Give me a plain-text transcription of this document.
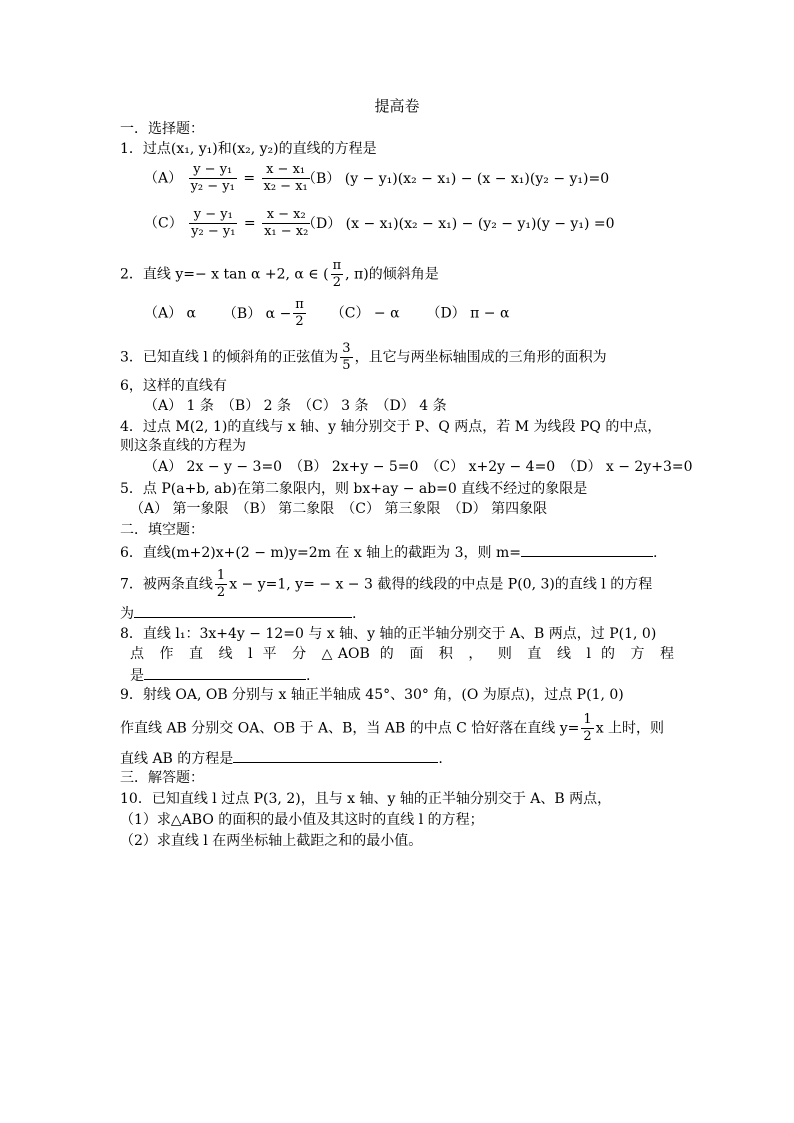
提高卷
一．选择题：
1．过点(x₁, y₁)和(x₂, y₂)的直线的方程是
$(A) \frac{\text{y − y₁}}{\text{y₂ − y₁}} = \frac{\text{x − x₁}}{\text{x₂ − x₁}}$
（B） (y − y₁)(x₂ − x₁) − (x − x₁)(y₂ − y₁)=0
$(C) \frac{\text{y − y₁}}{\text{y₂ − y₁}} = \frac{\text{x − x₂}}{\text{x₁ − x₂}}$
（D） (x − x₁)(x₂ − x₁) − (y₂ − y₁)(y − y₁) =0
2．直线 y=− x tan α +2, α ∈ ( $\frac{\pi}{2}$ , π)的倾斜角是
（A） α （B） $\alpha - \frac{\pi}{2} (C) - \alpha$ （D） π − α
3．已知直线 l 的倾斜角的正弦值为 $\frac{3}{5}$ ，且它与两坐标轴围成的三角形的面积为
6，这样的直线有
（A） 1 条　（B） 2 条　（C） 3 条　（D） 4 条
4．过点 M(2, 1)的直线与 x 轴、y 轴分别交于 P、Q 两点，若 M 为线段 PQ 的中点，
则这条直线的方程为
（A） 2x − y − 3=0　（B） 2x+y − 5=0　（C） x+2y − 4=0　（D） x − 2y+3=0
5．点 P(a+b, ab)在第二象限内，则 bx+ay − ab=0 直线不经过的象限是
（A） 第一象限　（B） 第二象限　（C） 第三象限　（D） 第四象限
二．填空题：
6．直线(m+2)x+(2 − m)y=2m 在 x 轴上的截距为 3，则 m=	.
7．被两条直线 $\frac{1}{2}$ x − y=1, y= − x − 3 截得的线段的中点是 P(0, 3)的直线 l 的方程
为	.
8．直线 l₁：3x+4y − 12=0 与 x 轴、y 轴的正半轴分别交于 A、B 两点，过 P(1, 0)
点 作 直 线 l 平 分 △AOB 的 面 积 ， 则 直 线 l 的 方 程
是	.
9．射线 OA, OB 分别与 x 轴正半轴成 45°、30° 角，(O 为原点)，过点 P(1, 0)
作直线 AB 分别交 OA、OB 于 A、B，当 AB 的中点 C 恰好落在直线 $y= \frac{1}{2}$ x 上时，则
直线 AB 的方程是	.
三．解答题：
10．已知直线 l 过点 P(3, 2)，且与 x 轴、y 轴的正半轴分别交于 A、B 两点，
（1）求△ABO 的面积的最小值及其这时的直线 l 的方程；
（2）求直线 l 在两坐标轴上截距之和的最小值。
